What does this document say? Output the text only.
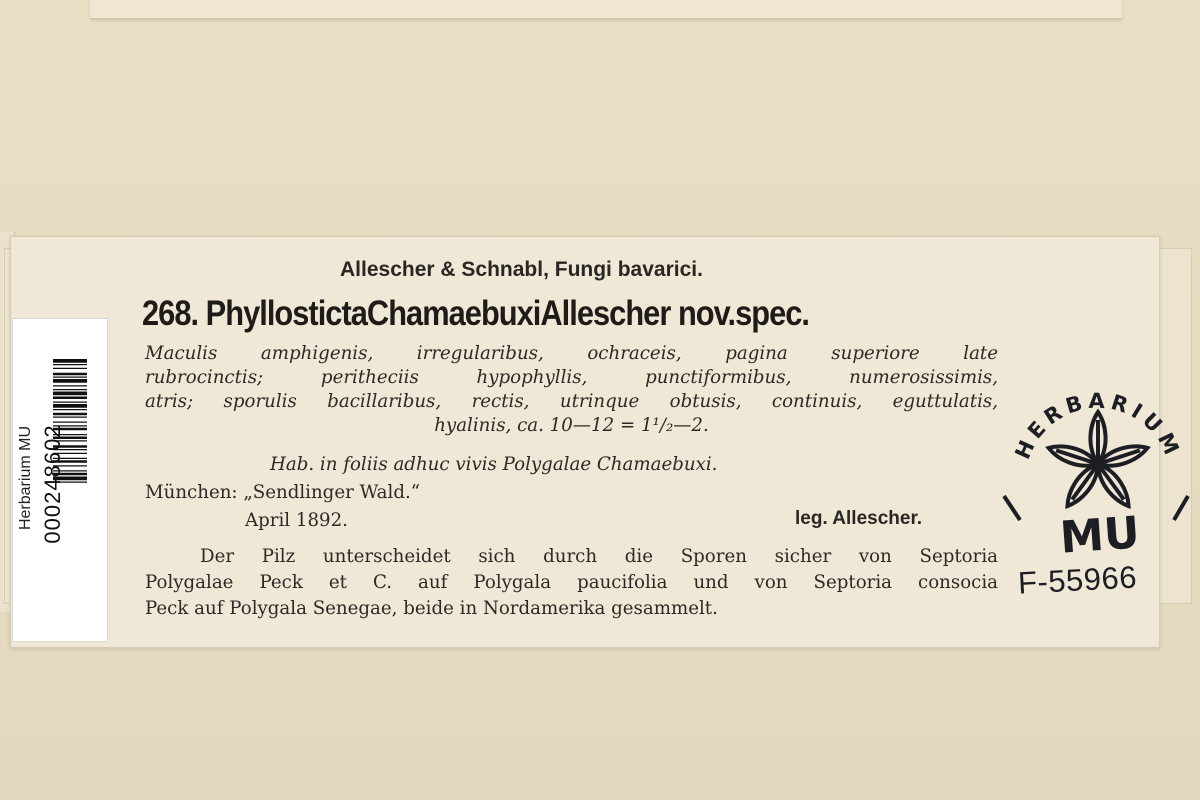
Herbarium MU 000248602
Allescher & Schnabl, Fungi bavarici.
268. PhyllostictaChamaebuxiAllescher nov.spec.
Maculis amphigenis, irregularibus, ochraceis, pagina superiore late
rubrocinctis; peritheciis hypophyllis, punctiformibus, numerosissimis,
atris; sporulis bacillaribus, rectis, utrinque obtusis, continuis, eguttulatis,
hyalinis, ca. 10—12 = 1¹/₂—2.
Hab. in foliis adhuc vivis Polygalae Chamaebuxi.
München: „Sendlinger Wald.“
April 1892.	leg. Allescher.
Der Pilz unterscheidet sich durch die Sporen sicher von Septoria
Polygalae Peck et C. auf Polygala paucifolia und von Septoria consocia
Peck auf Polygala Senegae, beide in Nordamerika gesammelt.
HERBARIUM
MU
F-55966
